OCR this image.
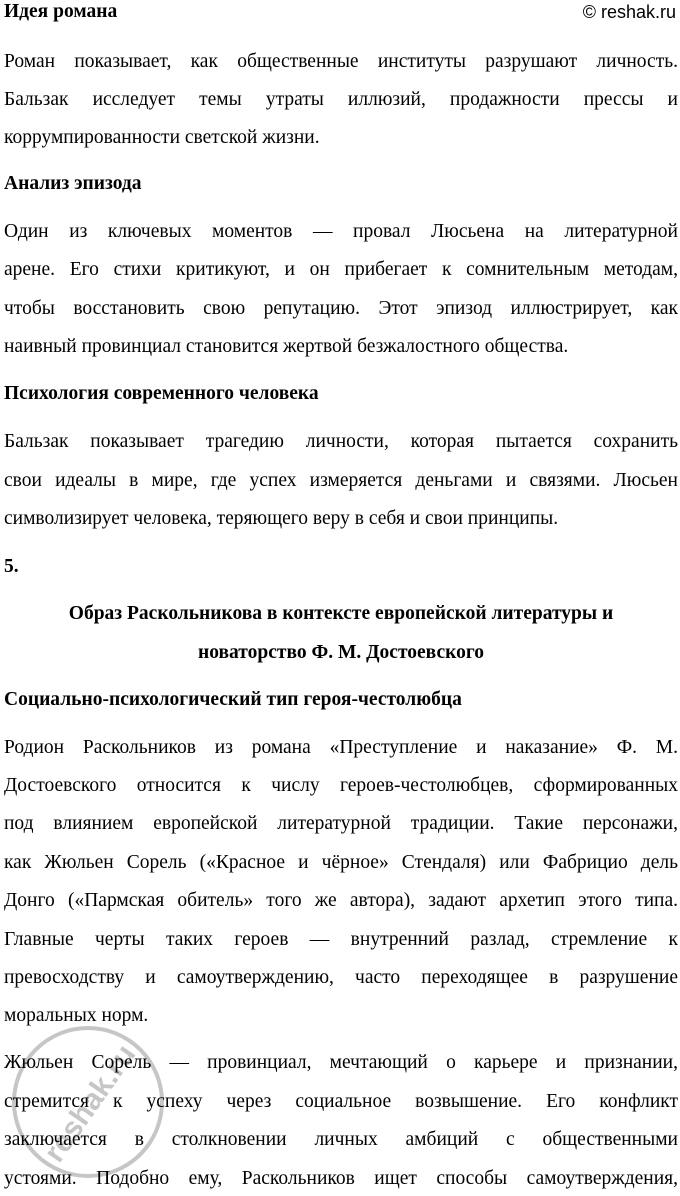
© reshak.ru
Идея романа
Роман показывает, как общественные институты разрушают личность.
Бальзак исследует темы утраты иллюзий, продажности прессы и
коррумпированности светской жизни.
Анализ эпизода
Один из ключевых моментов — провал Люсьена на литературной
арене. Его стихи критикуют, и он прибегает к сомнительным методам,
чтобы восстановить свою репутацию. Этот эпизод иллюстрирует, как
наивный провинциал становится жертвой безжалостного общества.
Психология современного человека
Бальзак показывает трагедию личности, которая пытается сохранить
свои идеалы в мире, где успех измеряется деньгами и связями. Люсьен
символизирует человека, теряющего веру в себя и свои принципы.
5.
Образ Раскольникова в контексте европейской литературы и
новаторство Ф. М. Достоевского
Социально-психологический тип героя-честолюбца
Родион Раскольников из романа «Преступление и наказание» Ф. М.
Достоевского относится к числу героев-честолюбцев, сформированных
под влиянием европейской литературной традиции. Такие персонажи,
как Жюльен Сорель («Красное и чёрное» Стендаля) или Фабрицио дель
Донго («Пармская обитель» того же автора), задают архетип этого типа.
Главные черты таких героев — внутренний разлад, стремление к
превосходству и самоутверждению, часто переходящее в разрушение
моральных норм.
Жюльен Сорель — провинциал, мечтающий о карьере и признании,
стремится к успеху через социальное возвышение. Его конфликт
заключается в столкновении личных амбиций с общественными
устоями. Подобно ему, Раскольников ищет способы самоутверждения,
reshak.ru
